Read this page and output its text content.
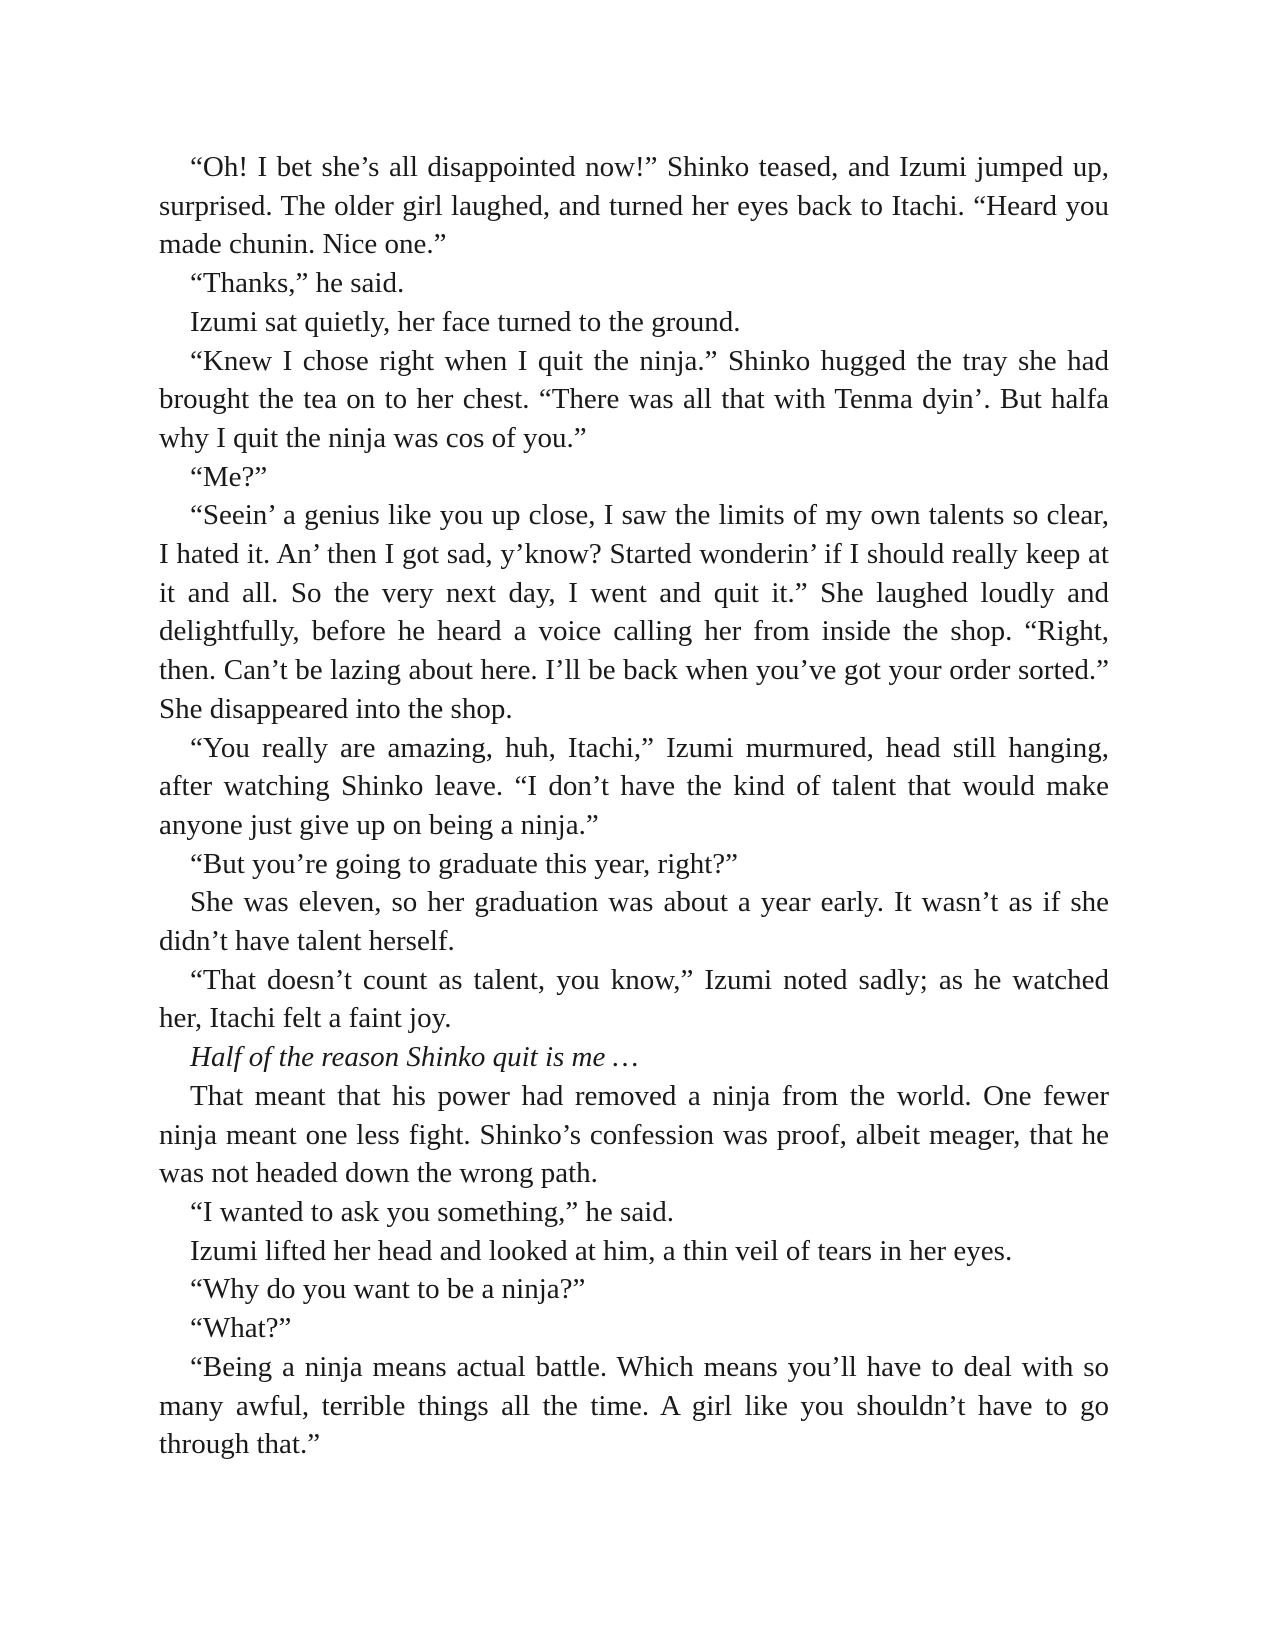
“Oh! I bet she’s all disappointed now!” Shinko teased, and Izumi jumped up, surprised. The older girl laughed, and turned her eyes back to Itachi. “Heard you made chunin. Nice one.”

“Thanks,” he said.

Izumi sat quietly, her face turned to the ground.

“Knew I chose right when I quit the ninja.” Shinko hugged the tray she had brought the tea on to her chest. “There was all that with Tenma dyin’. But halfa why I quit the ninja was cos of you.”

“Me?”

“Seein’ a genius like you up close, I saw the limits of my own talents so clear, I hated it. An’ then I got sad, y’know? Started wonderin’ if I should really keep at it and all. So the very next day, I went and quit it.” She laughed loudly and delightfully, before he heard a voice calling her from inside the shop. “Right, then. Can’t be lazing about here. I’ll be back when you’ve got your order sorted.” She disappeared into the shop.

“You really are amazing, huh, Itachi,” Izumi murmured, head still hanging, after watching Shinko leave. “I don’t have the kind of talent that would make anyone just give up on being a ninja.”

“But you’re going to graduate this year, right?”

She was eleven, so her graduation was about a year early. It wasn’t as if she didn’t have talent herself.

“That doesn’t count as talent, you know,” Izumi noted sadly; as he watched her, Itachi felt a faint joy.

Half of the reason Shinko quit is me …

That meant that his power had removed a ninja from the world. One fewer ninja meant one less fight. Shinko’s confession was proof, albeit meager, that he was not headed down the wrong path.

“I wanted to ask you something,” he said.

Izumi lifted her head and looked at him, a thin veil of tears in her eyes.

“Why do you want to be a ninja?”

“What?”

“Being a ninja means actual battle. Which means you’ll have to deal with so many awful, terrible things all the time. A girl like you shouldn’t have to go through that.”
